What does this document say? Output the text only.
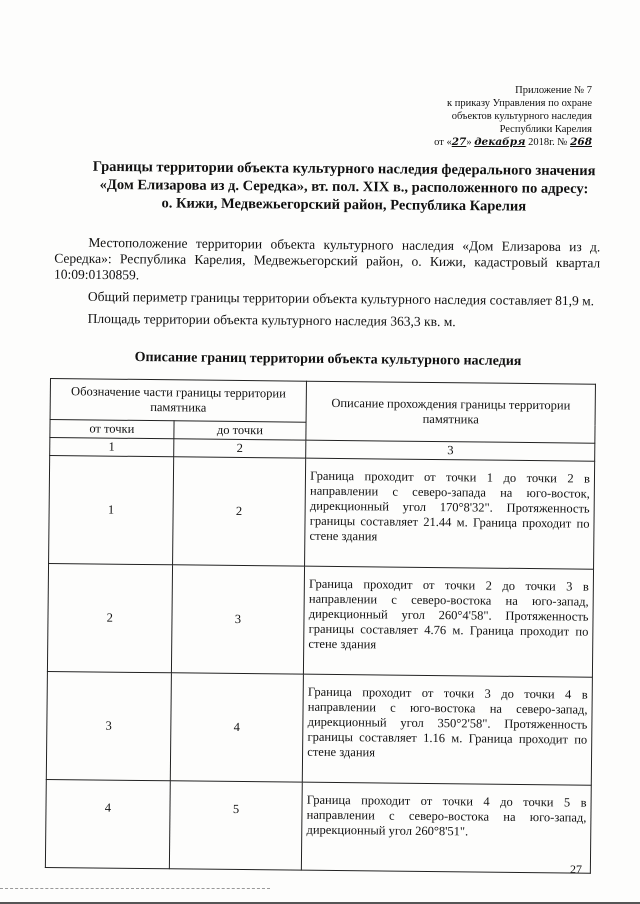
Приложение № 7
к приказу Управления по охране
объектов культурного наследия
Республики Карелия
от «27» декабря 2018г. № 268
Границы территории объекта культурного наследия федерального значения
«Дом Елизарова из д. Середка», вт. пол. XIX в., расположенного по адресу:
о. Кижи, Медвежьегорский район, Республика Карелия

Местоположение территории объекта культурного наследия «Дом Елизарова из д. Середка»: Республика Карелия, Медвежьегорский район, о. Кижи, кадастровый квартал 10:09:0130859.

Общий периметр границы территории объекта культурного наследия составляет 81,9 м.

Площадь территории объекта культурного наследия 363,3 кв. м.

Описание границ территории объекта культурного наследия
Обозначение части границы территории памятника		Описание прохождения границы территории памятника
от точки	до точки	
1	2	3
1	2	Граница проходит от точки 1 до точки 2 в направлении с северо-запада на юго-восток, дирекционный угол 170°8'32". Протяженность границы составляет 21.44 м. Граница проходит по стене здания
2	3	Граница проходит от точки 2 до точки 3 в направлении с северо-востока на юго-запад, дирекционный угол 260°4'58". Протяженность границы составляет 4.76 м. Граница проходит по стене здания
3	4	Граница проходит от точки 3 до точки 4 в направлении с юго-востока на северо-запад, дирекционный угол 350°2'58". Протяженность границы составляет 1.16 м. Граница проходит по стене здания
4	5	Граница проходит от точки 4 до точки 5 в направлении с северо-востока на юго-запад, дирекционный угол 260°8'51".
27
